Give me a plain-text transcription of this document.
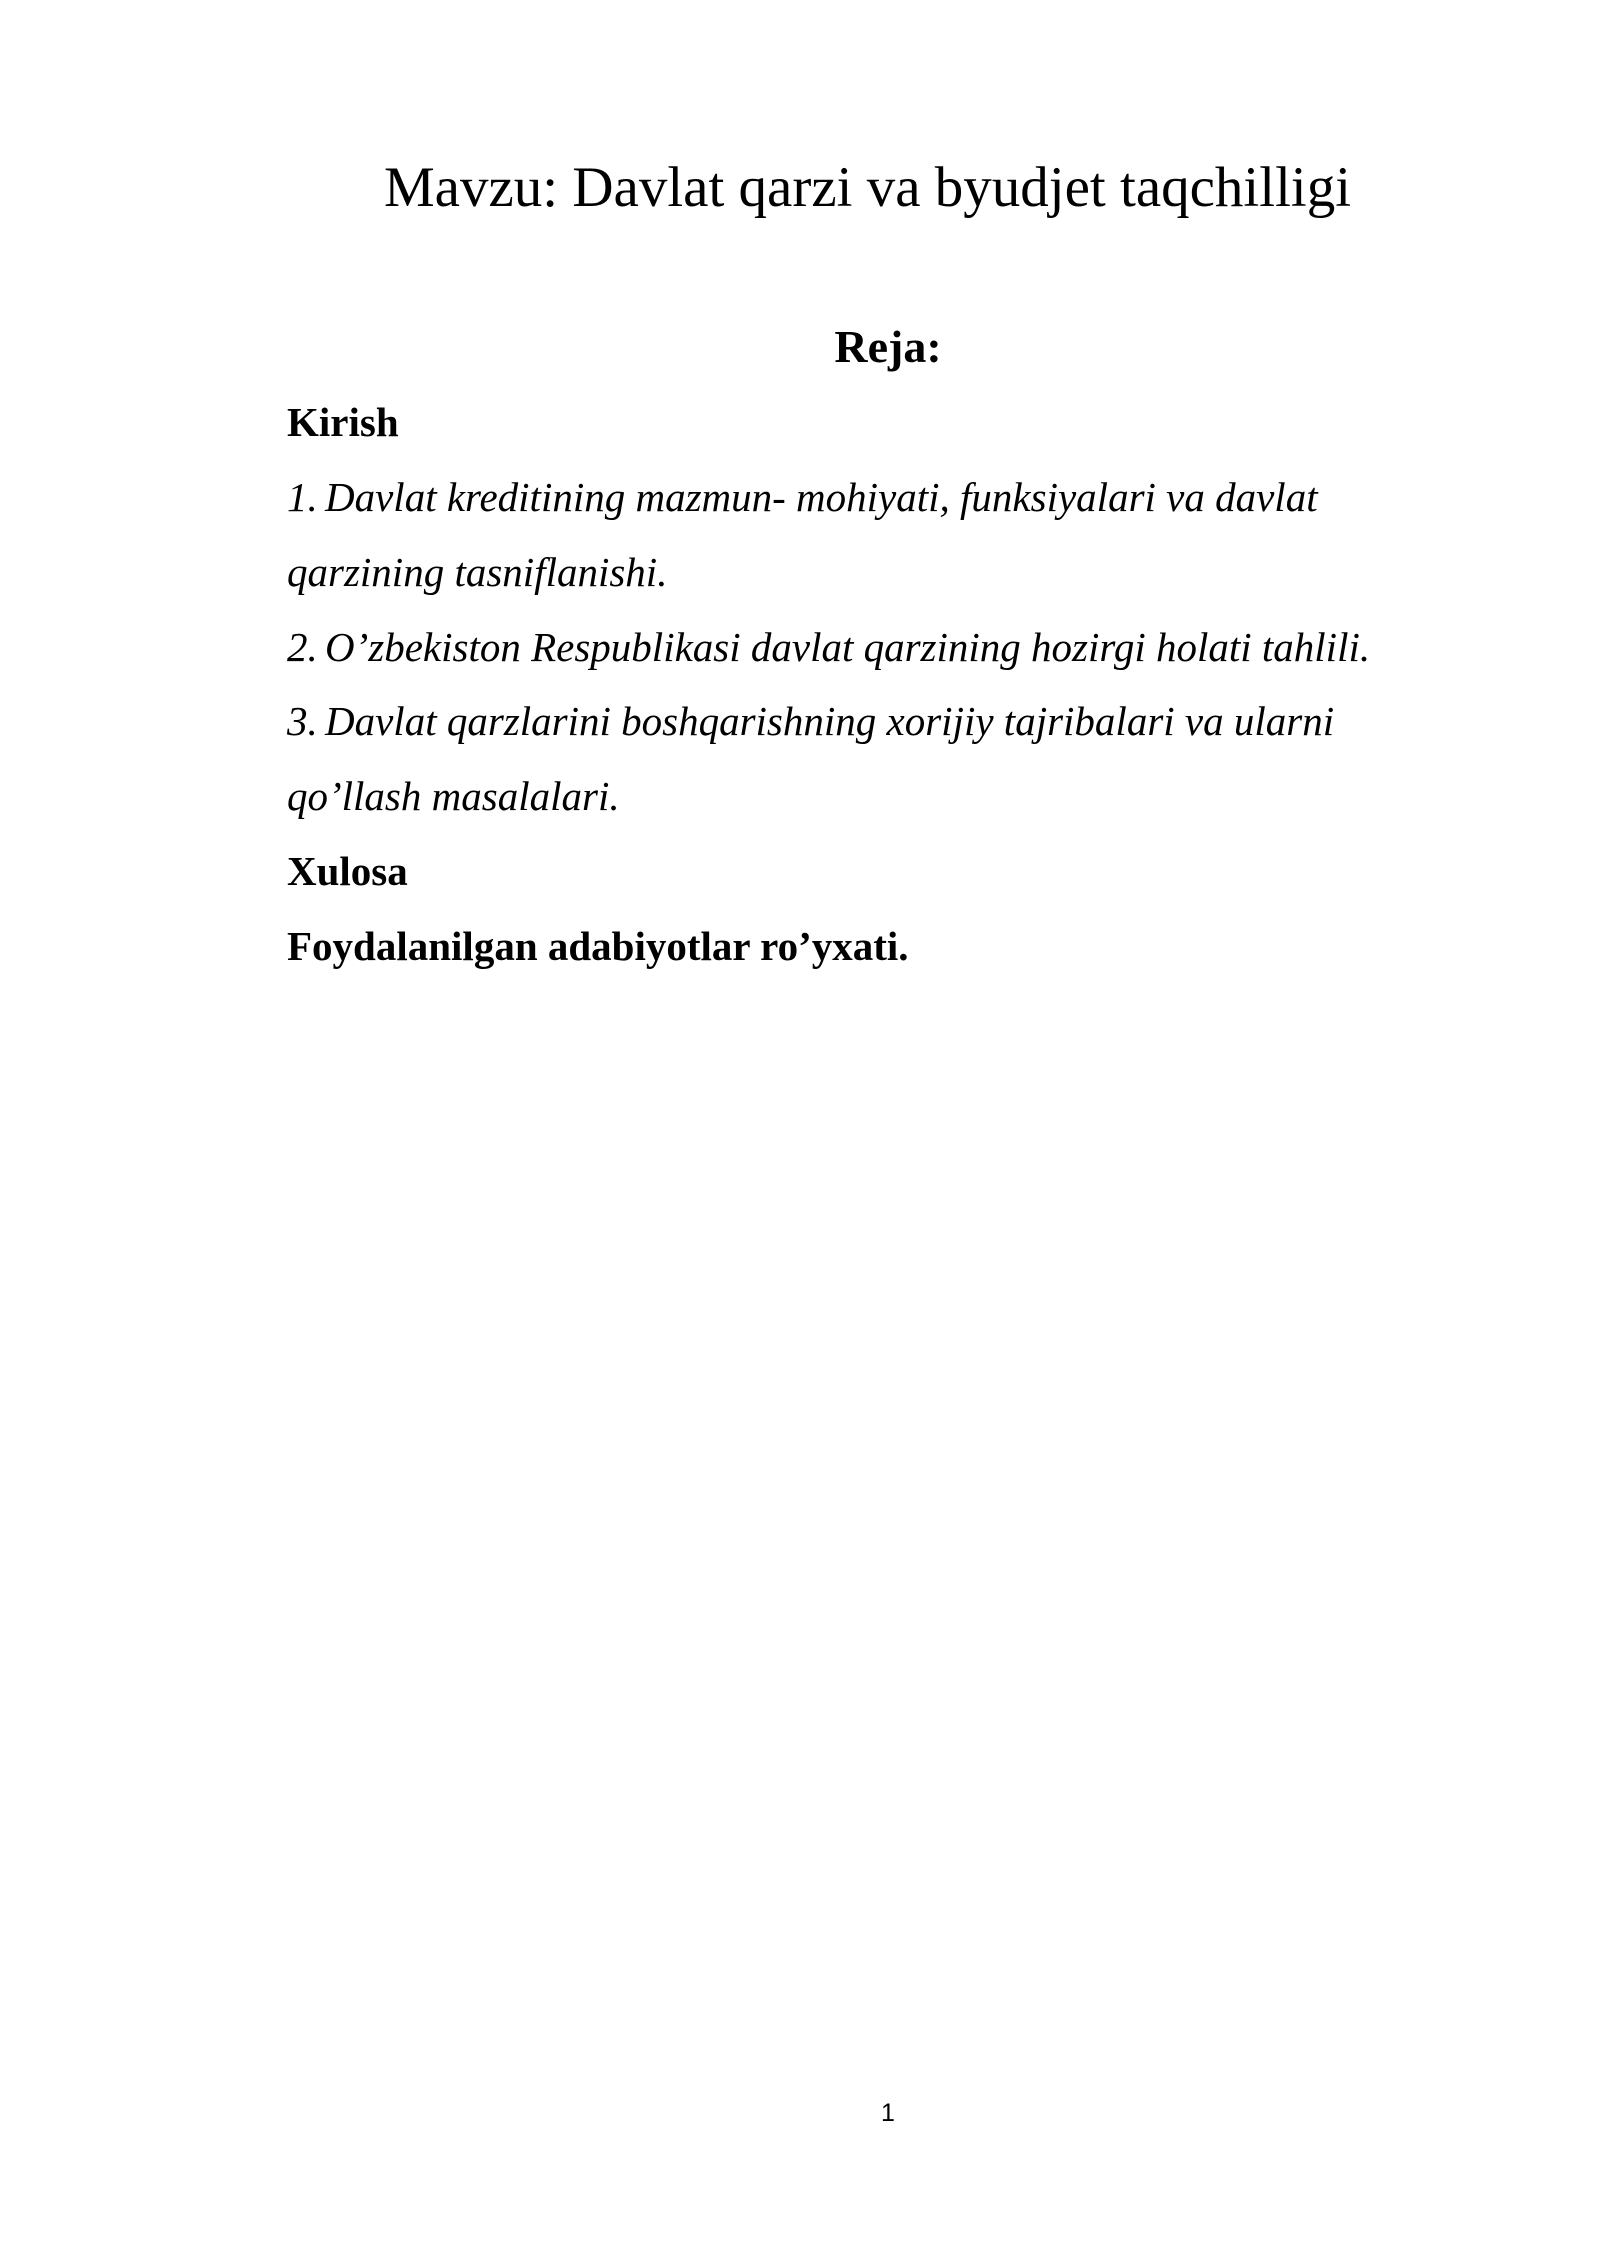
Mavzu: Davlat qarzi va byudjet taqchilligi
Reja:
Kirish
1. Davlat kreditining mazmun- mohiyati, funksiyalari va davlat
qarzining tasniflanishi.
2. O’zbekiston Respublikasi davlat qarzining hozirgi holati tahlili.
3. Davlat qarzlarini boshqarishning xorijiy tajribalari va ularni
qo’llash masalalari.
Xulosa
Foydalanilgan adabiyotlar ro’yxati.
1
